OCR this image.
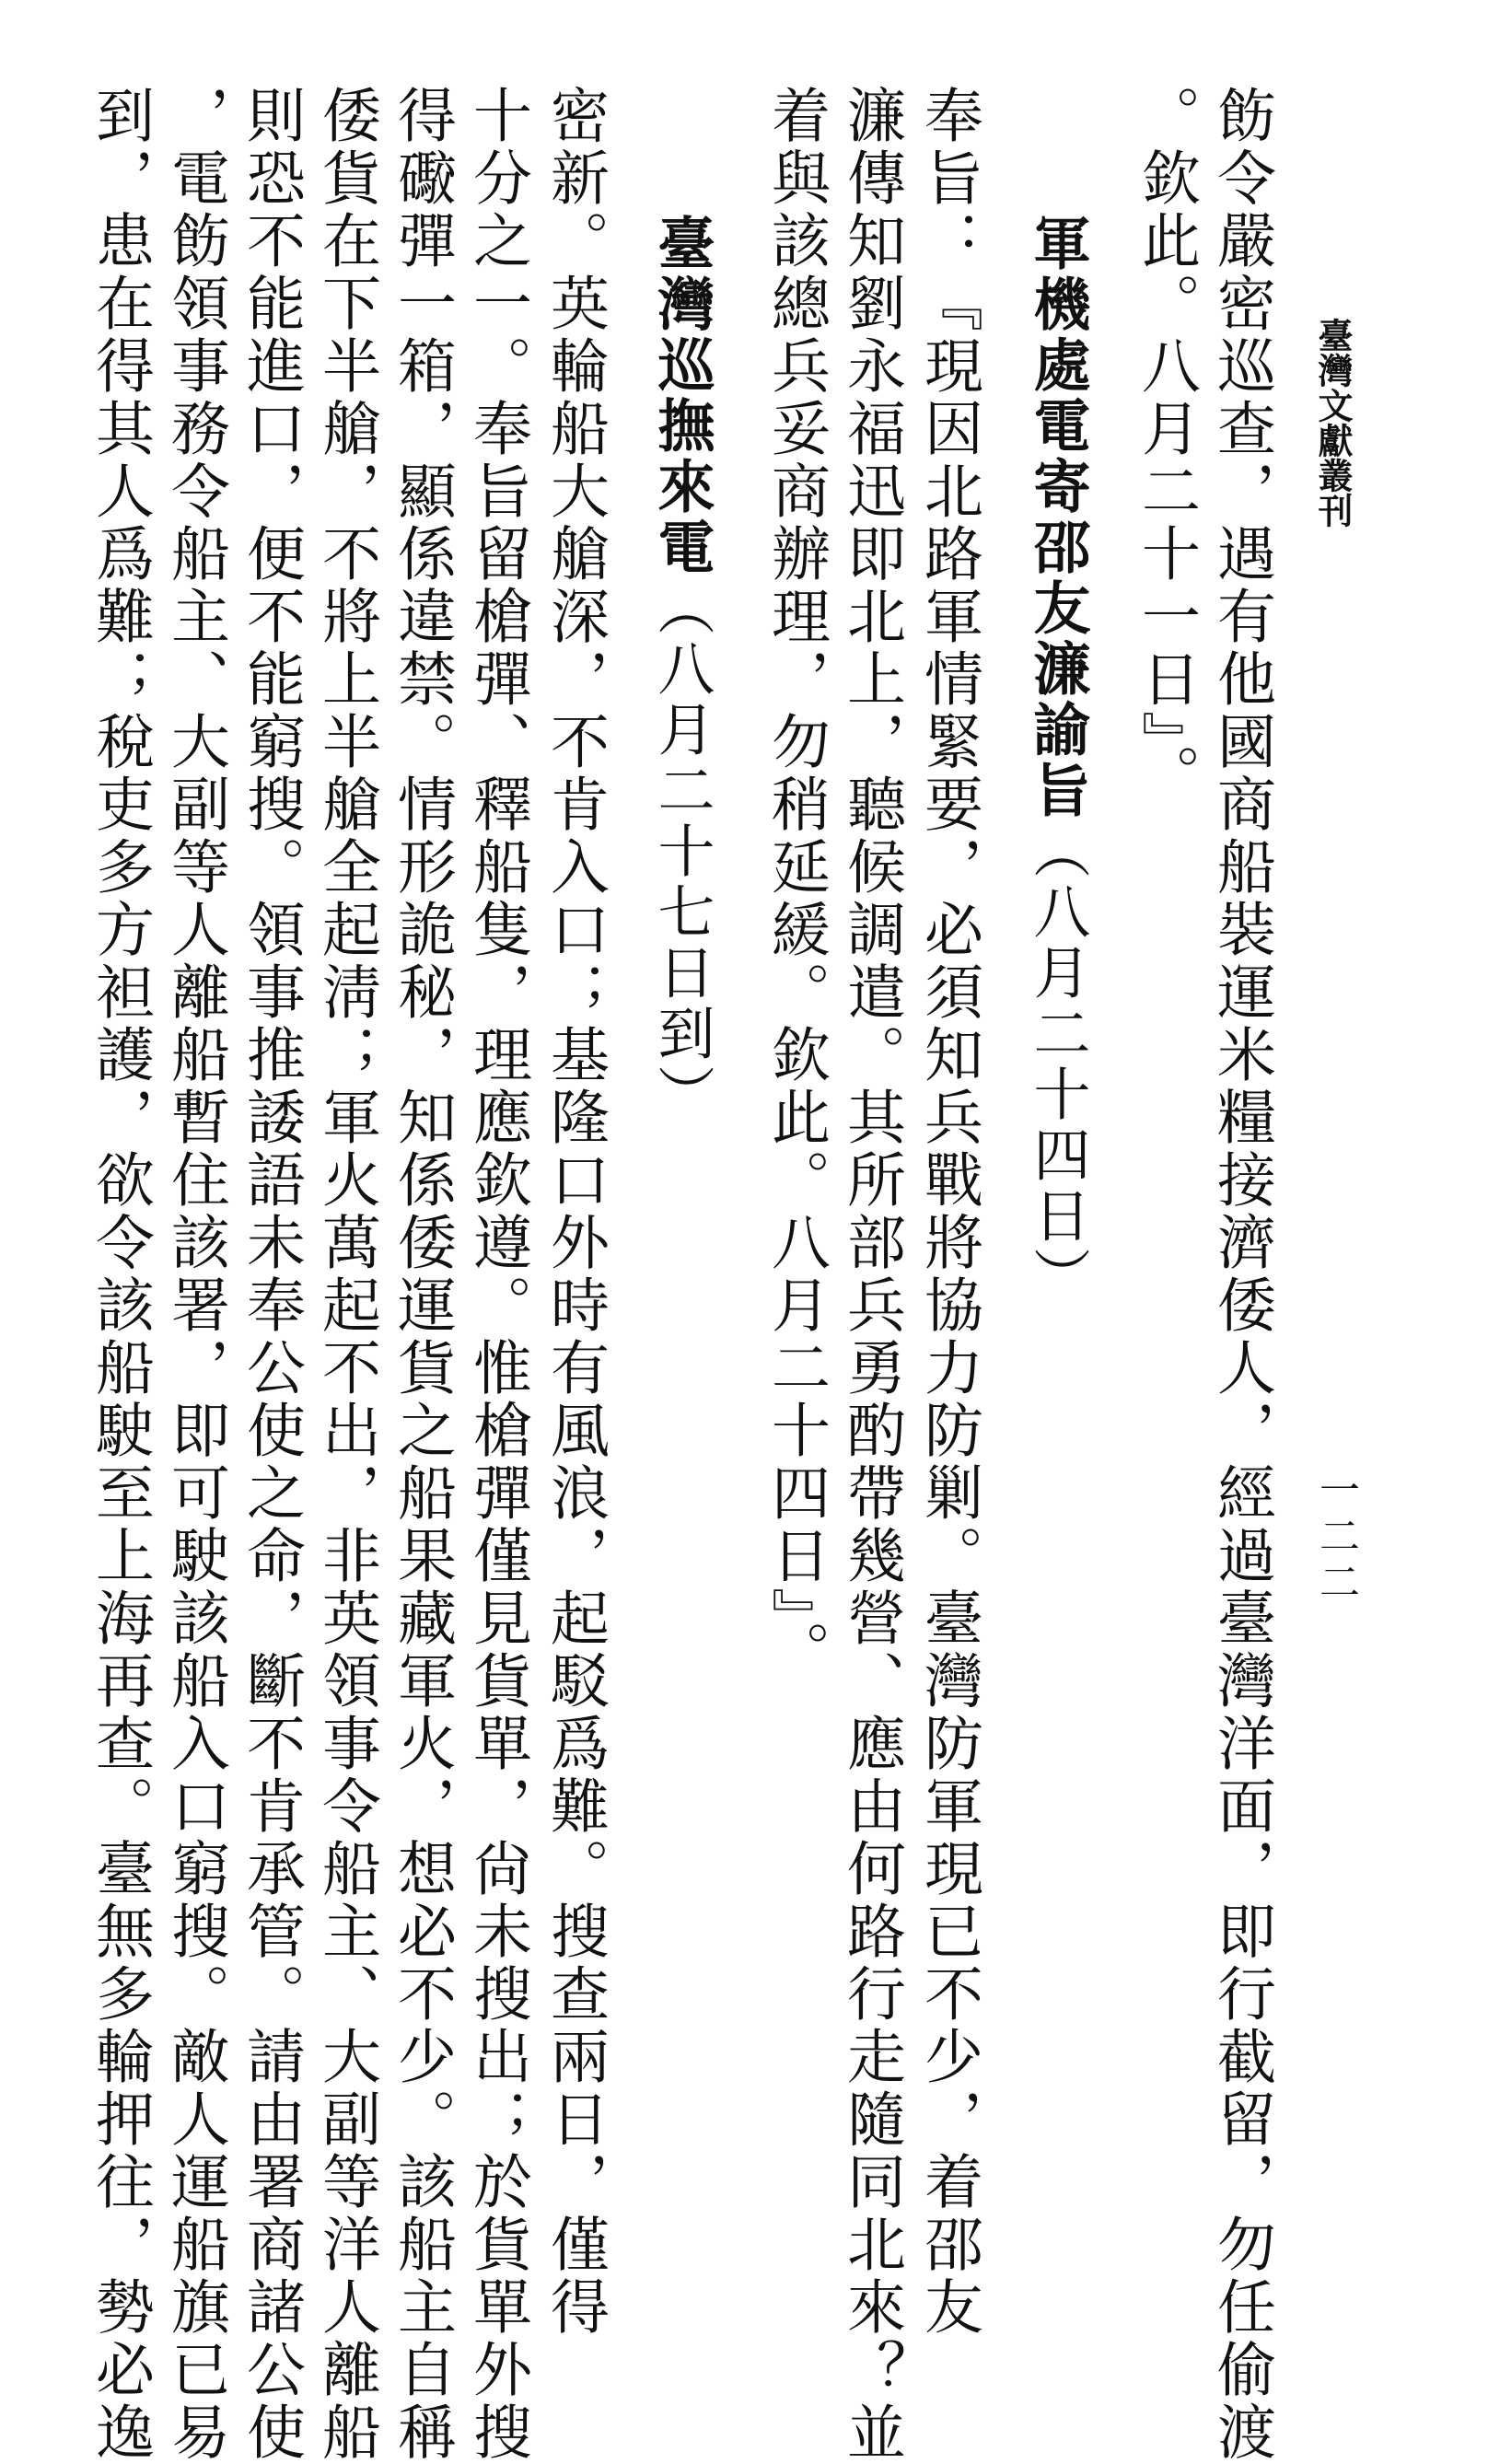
臺灣文獻叢刊
一二二
飭令嚴密巡查，遇有他國商船裝運米糧接濟倭人，經過臺灣洋面，即行截留，勿任偷渡
。欽此。八月二十一日』。
軍機處電寄邵友濂諭旨（八月二十四日）
奉旨：『現因北路軍情緊要，必須知兵戰將協力防剿。臺灣防軍現已不少，着邵友
濂傳知劉永福迅即北上，聽候調遣。其所部兵勇酌帶幾營、應由何路行走隨同北來？並
着與該總兵妥商辦理，勿稍延緩。欽此。八月二十四日』。
臺灣巡撫來電（八月二十七日到）
密新。英輪船大艙深，不肯入口；基隆口外時有風浪，起駁爲難。搜查兩日，僅得
十分之一。奉旨留槍彈、釋船隻，理應欽遵。惟槍彈僅見貨單，尙未搜出；於貨單外搜
得礮彈一箱，顯係違禁。情形詭秘，知係倭運貨之船果藏軍火，想必不少。該船主自稱
倭貨在下半艙，不將上半艙全起淸；軍火萬起不出，非英領事令船主、大副等洋人離船
則恐不能進口，便不能窮搜。領事推諉語未奉公使之命，斷不肯承管。請由署商諸公使
，電飭領事務令船主、大副等人離船暫住該署，即可駛該船入口窮搜。敵人運船旗已易
到，患在得其人爲難；稅吏多方袒護，欲令該船駛至上海再查。臺無多輪押往，勢必逸
